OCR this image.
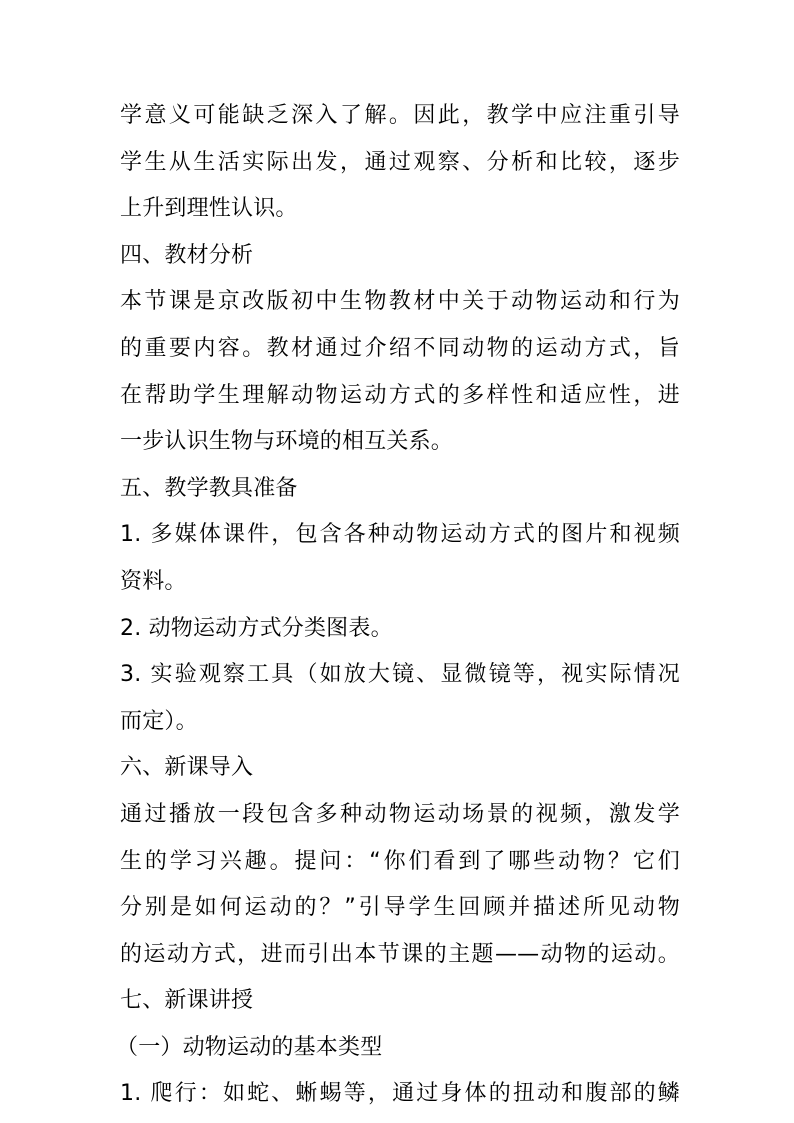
学意义可能缺乏深入了解。因此，教学中应注重引导
学生从生活实际出发，通过观察、分析和比较，逐步
上升到理性认识。
四、教材分析
本节课是京改版初中生物教材中关于动物运动和行为
的重要内容。教材通过介绍不同动物的运动方式，旨
在帮助学生理解动物运动方式的多样性和适应性，进
一步认识生物与环境的相互关系。
五、教学教具准备
1. 多媒体课件，包含各种动物运动方式的图片和视频
资料。
2. 动物运动方式分类图表。
3. 实验观察工具（如放大镜、显微镜等，视实际情况
而定）。
六、新课导入
通过播放一段包含多种动物运动场景的视频，激发学
生的学习兴趣。提问：“你们看到了哪些动物？它们
分别是如何运动的？”引导学生回顾并描述所见动物
的运动方式，进而引出本节课的主题——动物的运动。
七、新课讲授
（一）动物运动的基本类型
1. 爬行：如蛇、蜥蜴等，通过身体的扭动和腹部的鳞
